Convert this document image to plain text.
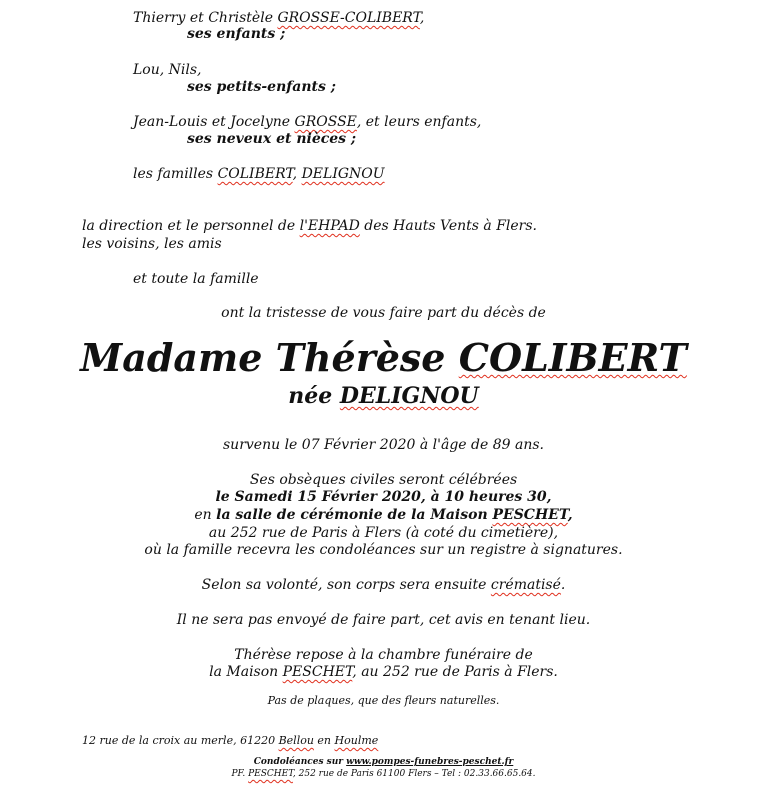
Thierry et Christèle GROSSE-COLIBERT,
ses enfants ;
Lou, Nils,
ses petits-enfants ;
Jean-Louis et Jocelyne GROSSE, et leurs enfants,
ses neveux et nièces ;
les familles COLIBERT, DELIGNOU
la direction et le personnel de l'EHPAD des Hauts Vents à Flers.
les voisins, les amis
et toute la famille
ont la tristesse de vous faire part du décès de
Madame Thérèse COLIBERT
née DELIGNOU
survenu le 07 Février 2020 à l'âge de 89 ans.
Ses obsèques civiles seront célébrées
le Samedi 15 Février 2020, à 10 heures 30,
en la salle de cérémonie de la Maison PESCHET,
au 252 rue de Paris à Flers (à coté du cimetière),
où la famille recevra les condoléances sur un registre à signatures.
Selon sa volonté, son corps sera ensuite crématisé.
Il ne sera pas envoyé de faire part, cet avis en tenant lieu.
Thérèse repose à la chambre funéraire de
la Maison PESCHET, au 252 rue de Paris à Flers.
Pas de plaques, que des fleurs naturelles.
12 rue de la croix au merle, 61220 Bellou en Houlme
Condoléances sur www.pompes-funebres-peschet.fr
PF. PESCHET, 252 rue de Paris 61100 Flers – Tel : 02.33.66.65.64.
